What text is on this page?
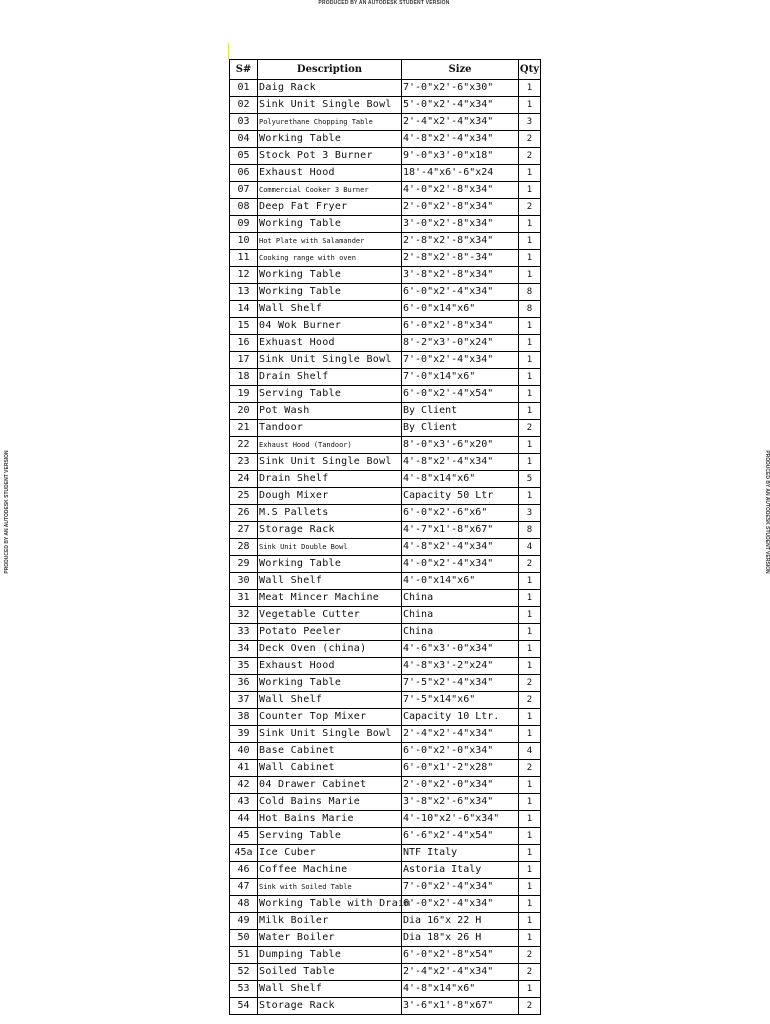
PRODUCED BY AN AUTODESK STUDENT VERSION
PRODUCED BY AN AUTODESK STUDENT VERSION	PRODUCED BY AN AUTODESK STUDENT VERSION
S#	Description	Size	Qty
01	Daig Rack	7'-0"x2'-6"x30"	1
02	Sink Unit Single Bowl	5'-0"x2'-4"x34"	1
03	Polyurethane Chopping Table	2'-4"x2'-4"x34"	3
04	Working Table	4'-8"x2'-4"x34"	2
05	Stock Pot 3 Burner	9'-0"x3'-0"x18"	2
06	Exhaust Hood	18'-4"x6'-6"x24	1
07	Commercial Cooker 3 Burner	4'-0"x2'-8"x34"	1
08	Deep Fat Fryer	2'-0"x2'-8"x34"	2
09	Working Table	3'-0"x2'-8"x34"	1
10	Hot Plate with Salamander	2'-8"x2'-8"x34"	1
11	Cooking range with oven	2'-8"x2'-8"-34"	1
12	Working Table	3'-8"x2'-8"x34"	1
13	Working Table	6'-0"x2'-4"x34"	8
14	Wall Shelf	6'-0"x14"x6"	8
15	04 Wok Burner	6'-0"x2'-8"x34"	1
16	Exhuast Hood	8'-2"x3'-0"x24"	1
17	Sink Unit Single Bowl	7'-0"x2'-4"x34"	1
18	Drain Shelf	7'-0"x14"x6"	1
19	Serving Table	6'-0"x2'-4"x54"	1
20	Pot Wash	By Client	1
21	Tandoor	By Client	2
22	Exhaust Hood (Tandoor)	8'-0"x3'-6"x20"	1
23	Sink Unit Single Bowl	4'-8"x2'-4"x34"	1
24	Drain Shelf	4'-8"x14"x6"	5
25	Dough Mixer	Capacity 50 Ltr	1
26	M.S Pallets	6'-0"x2'-6"x6"	3
27	Storage Rack	4'-7"x1'-8"x67"	8
28	Sink Unit Double Bowl	4'-8"x2'-4"x34"	4
29	Working Table	4'-0"x2'-4"x34"	2
30	Wall Shelf	4'-0"x14"x6"	1
31	Meat Mincer Machine	China	1
32	Vegetable Cutter	China	1
33	Potato Peeler	China	1
34	Deck Oven (china)	4'-6"x3'-0"x34"	1
35	Exhaust Hood	4'-8"x3'-2"x24"	1
36	Working Table	7'-5"x2'-4"x34"	2
37	Wall Shelf	7'-5"x14"x6"	2
38	Counter Top Mixer	Capacity 10 Ltr.	1
39	Sink Unit Single Bowl	2'-4"x2'-4"x34"	1
40	Base Cabinet	6'-0"x2'-0"x34"	4
41	Wall Cabinet	6'-0"x1'-2"x28"	2
42	04 Drawer Cabinet	2'-0"x2'-0"x34"	1
43	Cold Bains Marie	3'-8"x2'-6"x34"	1
44	Hot Bains Marie	4'-10"x2'-6"x34"	1
45	Serving Table	6'-6"x2'-4"x54"	1
45a	Ice Cuber	NTF Italy	1
46	Coffee Machine	Astoria Italy	1
47	Sink with Soiled Table	7'-0"x2'-4"x34"	1
48	Working Table with Drain	6'-0"x2'-4"x34"	1
49	Milk Boiler	Dia 16"x 22 H	1
50	Water Boiler	Dia 18"x 26 H	1
51	Dumping Table	6'-0"x2'-8"x54"	2
52	Soiled Table	2'-4"x2'-4"x34"	2
53	Wall Shelf	4'-8"x14"x6"	1
54	Storage Rack	3'-6"x1'-8"x67"	2
